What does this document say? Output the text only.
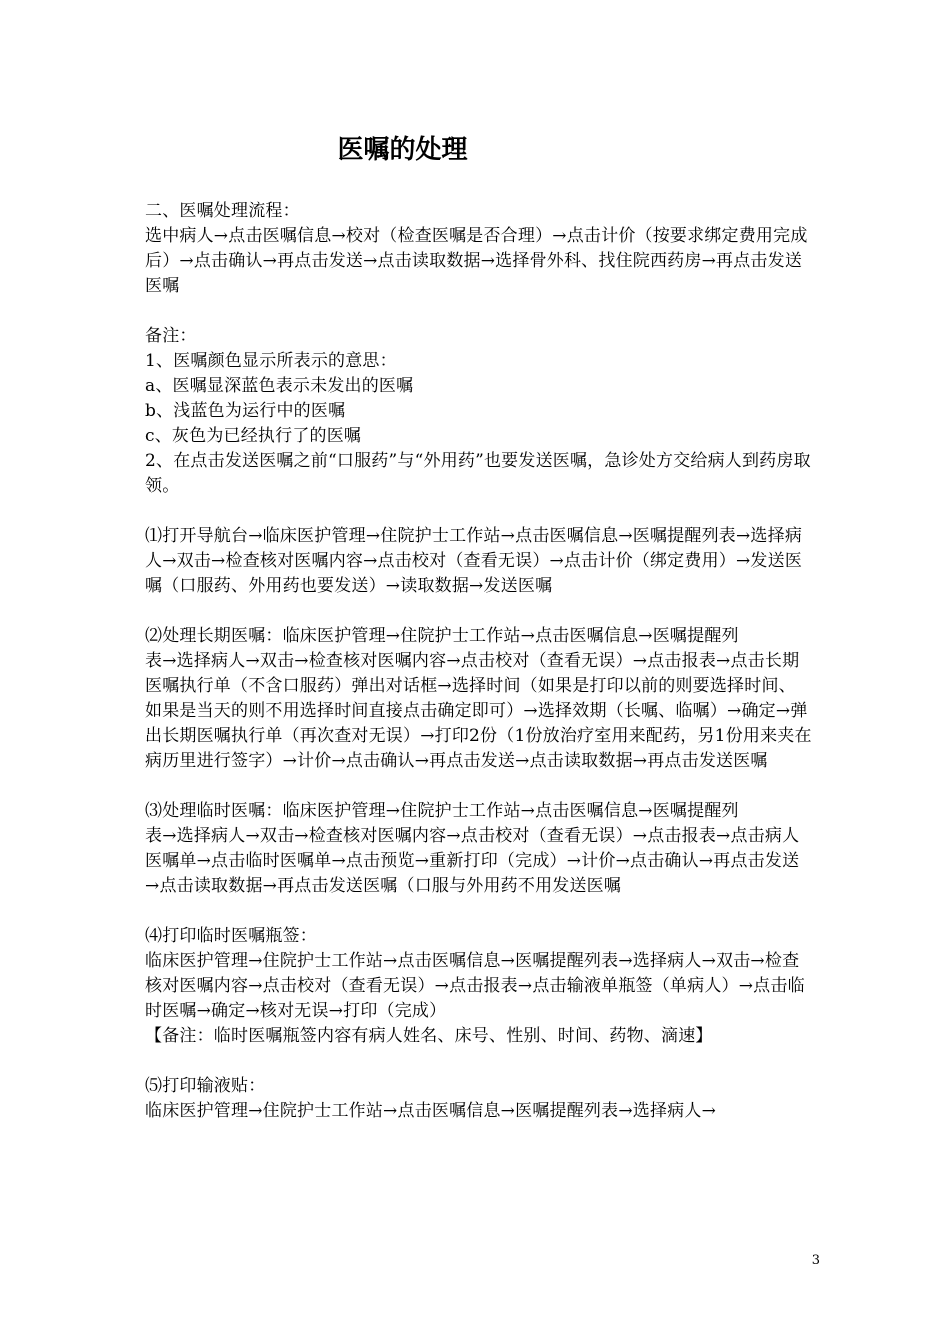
医嘱的处理

二、医嘱处理流程：

选中病人→点击医嘱信息→校对（检查医嘱是否合理）→点击计价（按要求绑定费用完成后）→点击确认→再点击发送→点击读取数据→选择骨外科、找住院西药房→再点击发送医嘱

备注：

1、医嘱颜色显示所表示的意思：

a、医嘱显深蓝色表示未发出的医嘱

b、浅蓝色为运行中的医嘱

c、灰色为已经执行了的医嘱

2、在点击发送医嘱之前“口服药”与“外用药”也要发送医嘱，急诊处方交给病人到药房取领。

⑴打开导航台→临床医护管理→住院护士工作站→点击医嘱信息→医嘱提醒列表→选择病人→双击→检查核对医嘱内容→点击校对（查看无误）→点击计价（绑定费用）→发送医嘱（口服药、外用药也要发送）→读取数据→发送医嘱

⑵处理长期医嘱：临床医护管理→住院护士工作站→点击医嘱信息→医嘱提醒列

表→选择病人→双击→检查核对医嘱内容→点击校对（查看无误）→点击报表→点击长期医嘱执行单（不含口服药）弹出对话框→选择时间（如果是打印以前的则要选择时间、如果是当天的则不用选择时间直接点击确定即可）→选择效期（长嘱、临嘱）→确定→弹出长期医嘱执行单（再次查对无误）→打印2份（1份放治疗室用来配药，另1份用来夹在病历里进行签字）→计价→点击确认→再点击发送→点击读取数据→再点击发送医嘱

⑶处理临时医嘱：临床医护管理→住院护士工作站→点击医嘱信息→医嘱提醒列

表→选择病人→双击→检查核对医嘱内容→点击校对（查看无误）→点击报表→点击病人医嘱单→点击临时医嘱单→点击预览→重新打印（完成）→计价→点击确认→再点击发送→点击读取数据→再点击发送医嘱（口服与外用药不用发送医嘱

⑷打印临时医嘱瓶签：

临床医护管理→住院护士工作站→点击医嘱信息→医嘱提醒列表→选择病人→双击→检查核对医嘱内容→点击校对（查看无误）→点击报表→点击输液单瓶签（单病人）→点击临时医嘱→确定→核对无误→打印（完成）

【备注：临时医嘱瓶签内容有病人姓名、床号、性别、时间、药物、滴速】

⑸打印输液贴：

临床医护管理→住院护士工作站→点击医嘱信息→医嘱提醒列表→选择病人→

3
